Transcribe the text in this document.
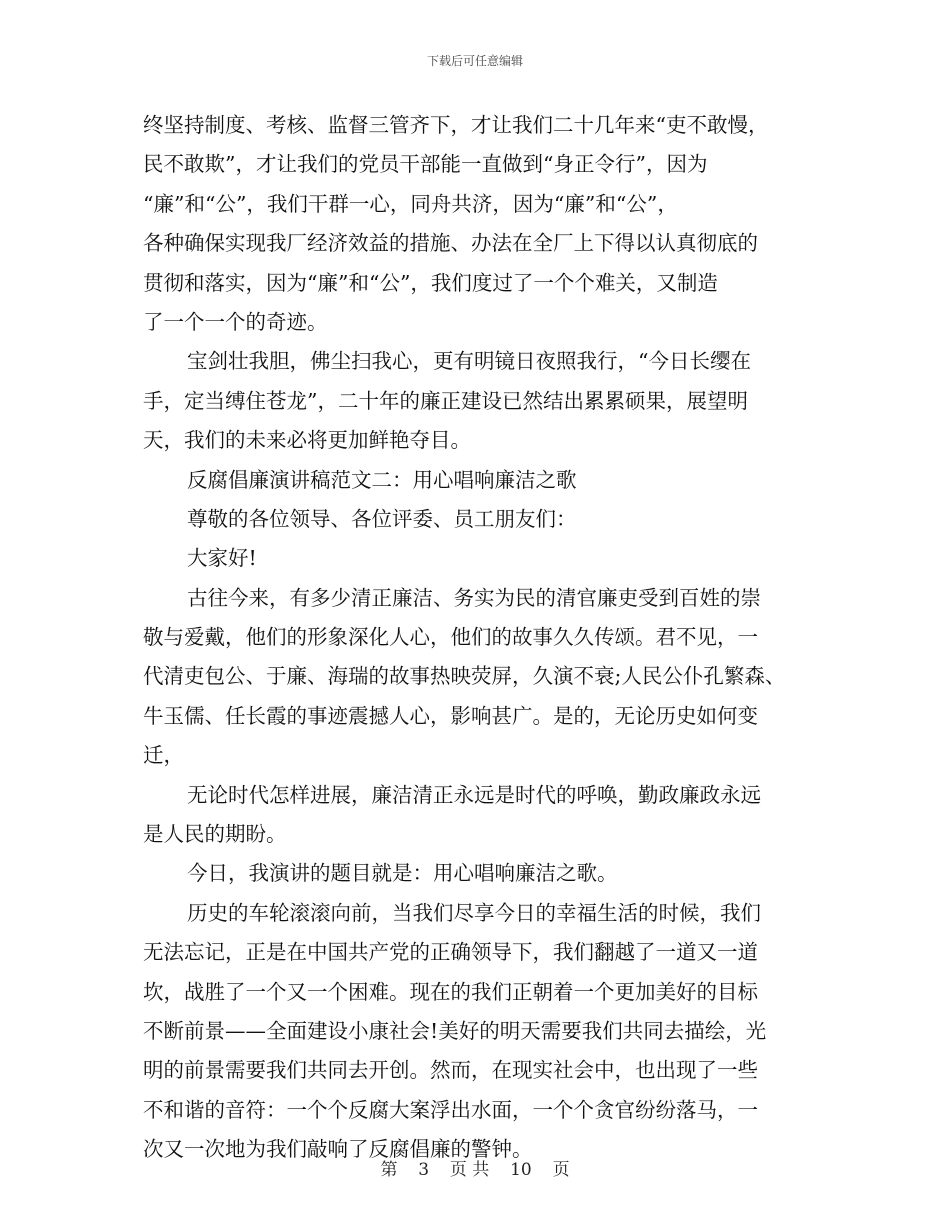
下载后可任意编辑
终坚持制度、考核、监督三管齐下，才让我们二十几年来“吏不敢慢，
民不敢欺”，才让我们的党员干部能一直做到“身正令行”，因为
“廉”和“公”，我们干群一心，同舟共济，因为“廉”和“公”，
各种确保实现我厂经济效益的措施、办法在全厂上下得以认真彻底的
贯彻和落实，因为“廉”和“公”，我们度过了一个个难关，又制造
了一个一个的奇迹。
宝剑壮我胆，佛尘扫我心，更有明镜日夜照我行，“今日长缨在
手，定当缚住苍龙”，二十年的廉正建设已然结出累累硕果，展望明
天，我们的未来必将更加鲜艳夺目。
反腐倡廉演讲稿范文二：用心唱响廉洁之歌
尊敬的各位领导、各位评委、员工朋友们：
大家好!
古往今来，有多少清正廉洁、务实为民的清官廉吏受到百姓的崇
敬与爱戴，他们的形象深化人心，他们的故事久久传颂。君不见，一
代清吏包公、于廉、海瑞的故事热映荧屏，久演不衰;人民公仆孔繁森、
牛玉儒、任长霞的事迹震撼人心，影响甚广。是的，无论历史如何变
迁，
无论时代怎样进展，廉洁清正永远是时代的呼唤，勤政廉政永远
是人民的期盼。
今日，我演讲的题目就是：用心唱响廉洁之歌。
历史的车轮滚滚向前，当我们尽享今日的幸福生活的时候，我们
无法忘记，正是在中国共产党的正确领导下，我们翻越了一道又一道
坎，战胜了一个又一个困难。现在的我们正朝着一个更加美好的目标
不断前景——全面建设小康社会!美好的明天需要我们共同去描绘，光
明的前景需要我们共同去开创。然而，在现实社会中，也出现了一些
不和谐的音符：一个个反腐大案浮出水面，一个个贪官纷纷落马，一
次又一次地为我们敲响了反腐倡廉的警钟。
第 3 页 共 10 页
